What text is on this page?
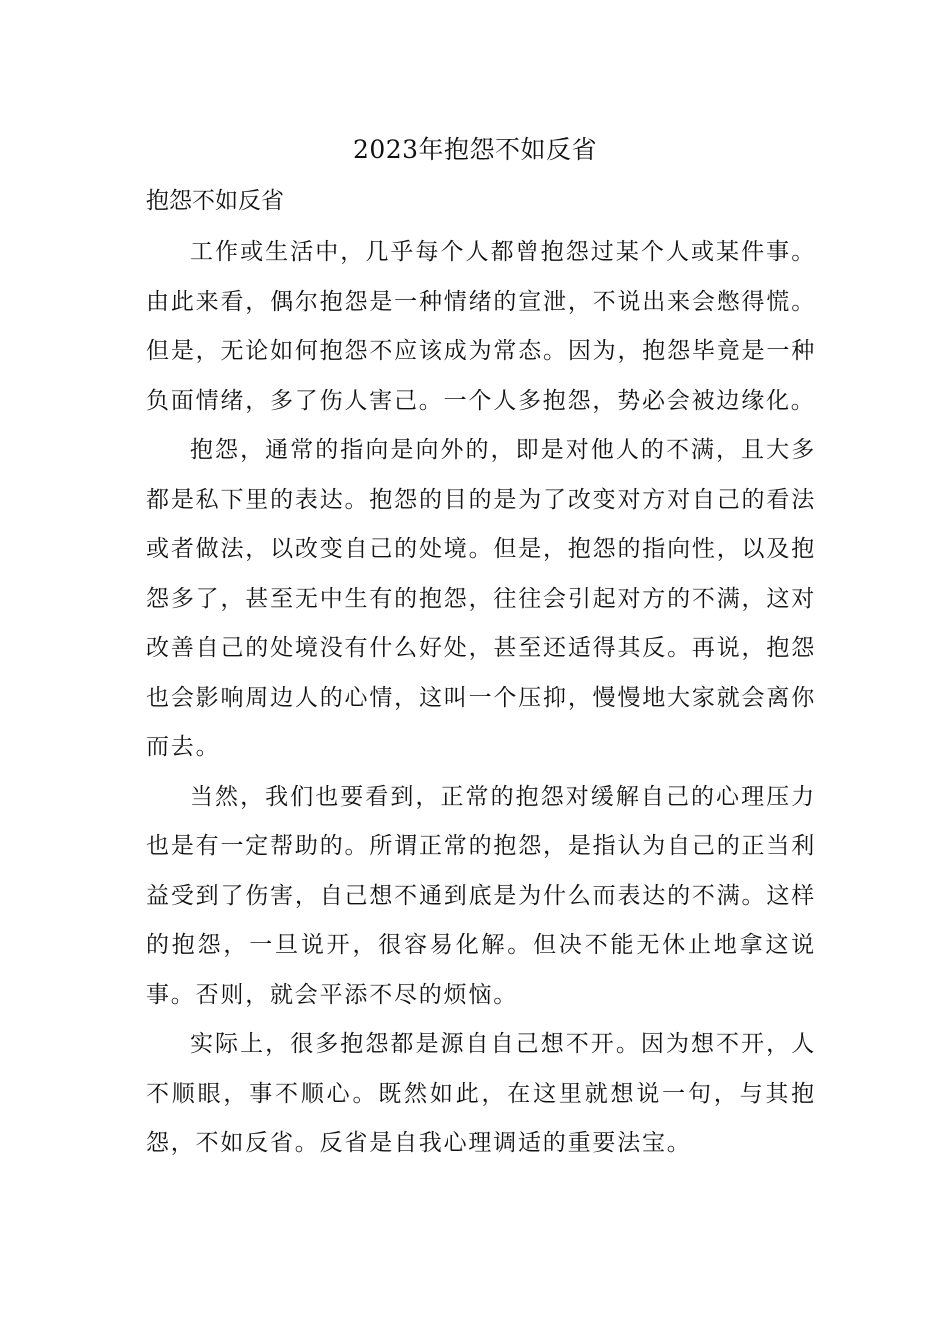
2023年抱怨不如反省
抱怨不如反省

工作或生活中，几乎每个人都曾抱怨过某个人或某件事。由此来看，偶尔抱怨是一种情绪的宣泄，不说出来会憋得慌。但是，无论如何抱怨不应该成为常态。因为，抱怨毕竟是一种负面情绪，多了伤人害己。一个人多抱怨，势必会被边缘化。

抱怨，通常的指向是向外的，即是对他人的不满，且大多都是私下里的表达。抱怨的目的是为了改变对方对自己的看法或者做法，以改变自己的处境。但是，抱怨的指向性，以及抱怨多了，甚至无中生有的抱怨，往往会引起对方的不满，这对改善自己的处境没有什么好处，甚至还适得其反。再说，抱怨也会影响周边人的心情，这叫一个压抑，慢慢地大家就会离你而去。

当然，我们也要看到，正常的抱怨对缓解自己的心理压力也是有一定帮助的。所谓正常的抱怨，是指认为自己的正当利益受到了伤害，自己想不通到底是为什么而表达的不满。这样的抱怨，一旦说开，很容易化解。但决不能无休止地拿这说事。否则，就会平添不尽的烦恼。

实际上，很多抱怨都是源自自己想不开。因为想不开，人不顺眼，事不顺心。既然如此，在这里就想说一句，与其抱怨，不如反省。反省是自我心理调适的重要法宝。
